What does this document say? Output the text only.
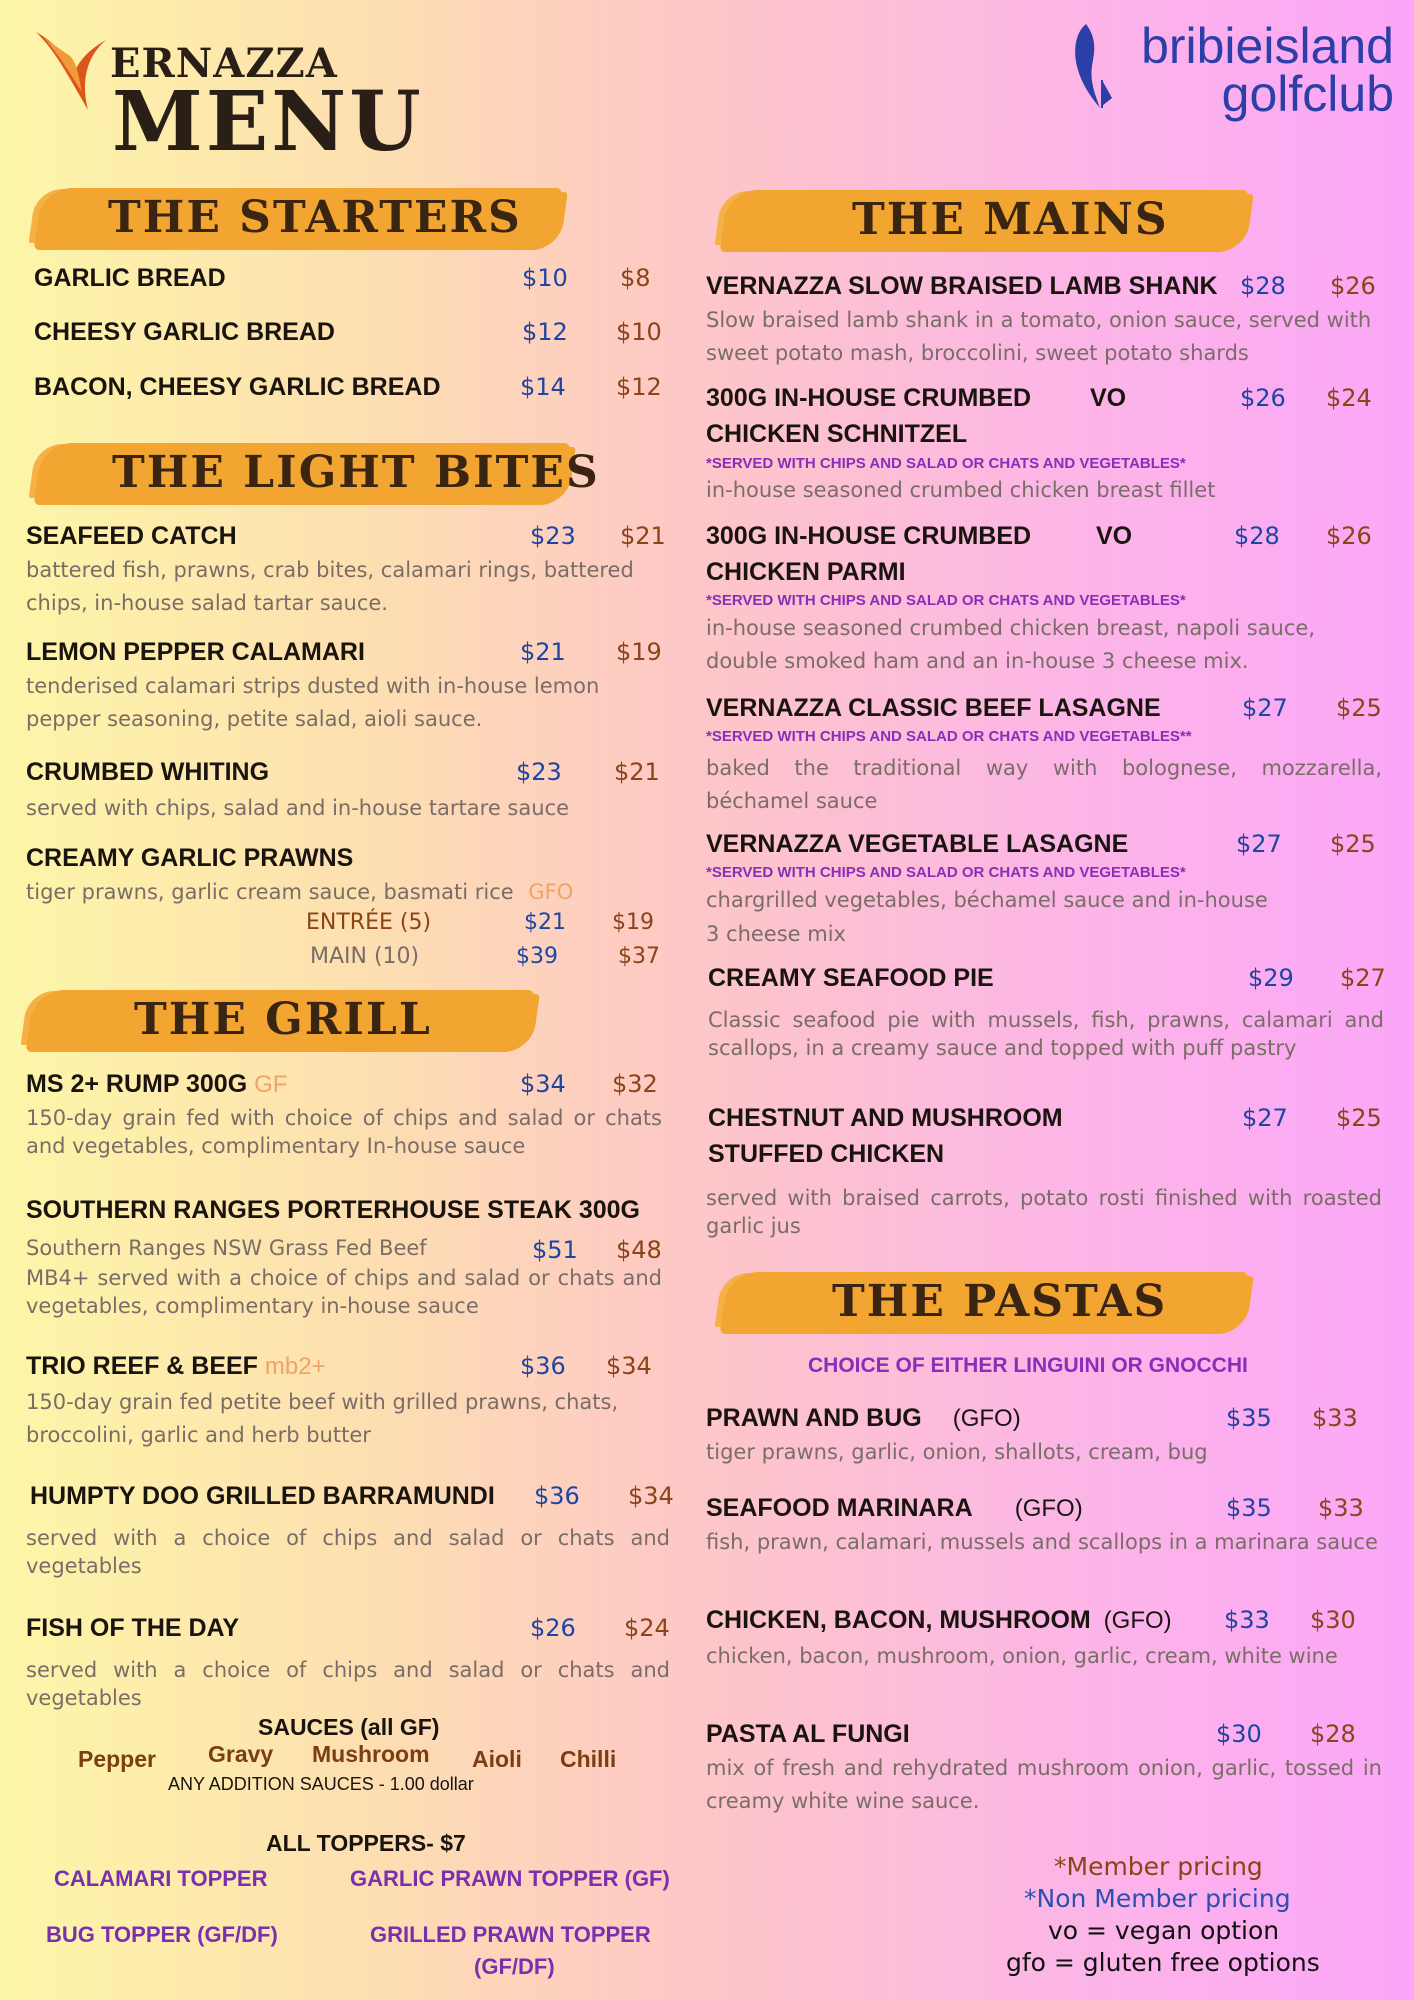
ERNAZZA
MENU
bribieisland
golfclub
THE STARTERS
GARLIC BREAD	$10 $8
CHEESY GARLIC BREAD	$12 $10
BACON, CHEESY GARLIC BREAD	$14 $12
THE LIGHT BITES
SEAFEED CATCH	$23 $21
battered fish, prawns, crab bites, calamari rings, battered chips, in-house salad tartar sauce.
LEMON PEPPER CALAMARI	$21 $19
tenderised calamari strips dusted with in-house lemon pepper seasoning, petite salad, aioli sauce.
CRUMBED WHITING	$23 $21
served with chips, salad and in-house tartare sauce
CREAMY GARLIC PRAWNS
tiger prawns, garlic cream sauce, basmati rice GFO
ENTRÉE (5)	$21 $19
MAIN (10)	$39	$37
THE GRILL
MS 2+ RUMP 300G GF	$34 $32
150-day grain fed with choice of chips and salad or chats and vegetables, complimentary In-house sauce
SOUTHERN RANGES PORTERHOUSE STEAK 300G
Southern Ranges NSW Grass Fed Beef	$51 $48
MB4+ served with a choice of chips and salad or chats and vegetables, complimentary in-house sauce
TRIO REEF & BEEF mb2+	$36 $34
150-day grain fed petite beef with grilled prawns, chats, broccolini, garlic and herb butter
HUMPTY DOO GRILLED BARRAMUNDI $36 $34
served with a choice of chips and salad or chats and vegetables
FISH OF THE DAY	$26 $24
served with a choice of chips and salad or chats and vegetables
SAUCES (all GF)
Pepper Gravy Mushroom Aioli Chilli
ANY ADDITION SAUCES - 1.00 dollar
ALL TOPPERS- $7
CALAMARI TOPPER	GARLIC PRAWN TOPPER (GF)
BUG TOPPER (GF/DF)	GRILLED PRAWN TOPPER
(GF/DF)
THE MAINS
VERNAZZA SLOW BRAISED LAMB SHANK $28 $26
Slow braised lamb shank in a tomato, onion sauce, served with sweet potato mash, broccolini, sweet potato shards
300G IN-HOUSE CRUMBED VO
CHICKEN SCHNITZEL
$26 $24
*SERVED WITH CHIPS AND SALAD OR CHATS AND VEGETABLES*
in-house seasoned crumbed chicken breast fillet
300G IN-HOUSE CRUMBED	VO
CHICKEN PARMI
$28 $26
*SERVED WITH CHIPS AND SALAD OR CHATS AND VEGETABLES*
in-house seasoned crumbed chicken breast, napoli sauce, double smoked ham and an in-house 3 cheese mix.
VERNAZZA CLASSIC BEEF LASAGNE	$27 $25
*SERVED WITH CHIPS AND SALAD OR CHATS AND VEGETABLES**
baked the traditional way with bolognese, mozzarella, béchamel sauce
VERNAZZA VEGETABLE LASAGNE	$27 $25
*SERVED WITH CHIPS AND SALAD OR CHATS AND VEGETABLES*
chargrilled vegetables, béchamel sauce and in-house
3 cheese mix
CREAMY SEAFOOD PIE	$29 $27
Classic seafood pie with mussels, fish, prawns, calamari and scallops, in a creamy sauce and topped with puff pastry
CHESTNUT AND MUSHROOM
STUFFED CHICKEN
$27 $25
served with braised carrots, potato rosti finished with roasted garlic jus
THE PASTAS
CHOICE OF EITHER LINGUINI OR GNOCCHI
PRAWN AND BUG (GFO)	$35 $33
tiger prawns, garlic, onion, shallots, cream, bug
SEAFOOD MARINARA (GFO)	$35 $33
fish, prawn, calamari, mussels and scallops in a marinara sauce
CHICKEN, BACON, MUSHROOM (GFO) $33 $30
chicken, bacon, mushroom, onion, garlic, cream, white wine
PASTA AL FUNGI	$30 $28
mix of fresh and rehydrated mushroom onion, garlic, tossed in creamy white wine sauce.
*Member pricing
*Non Member pricing
vo = vegan option
gfo = gluten free options
